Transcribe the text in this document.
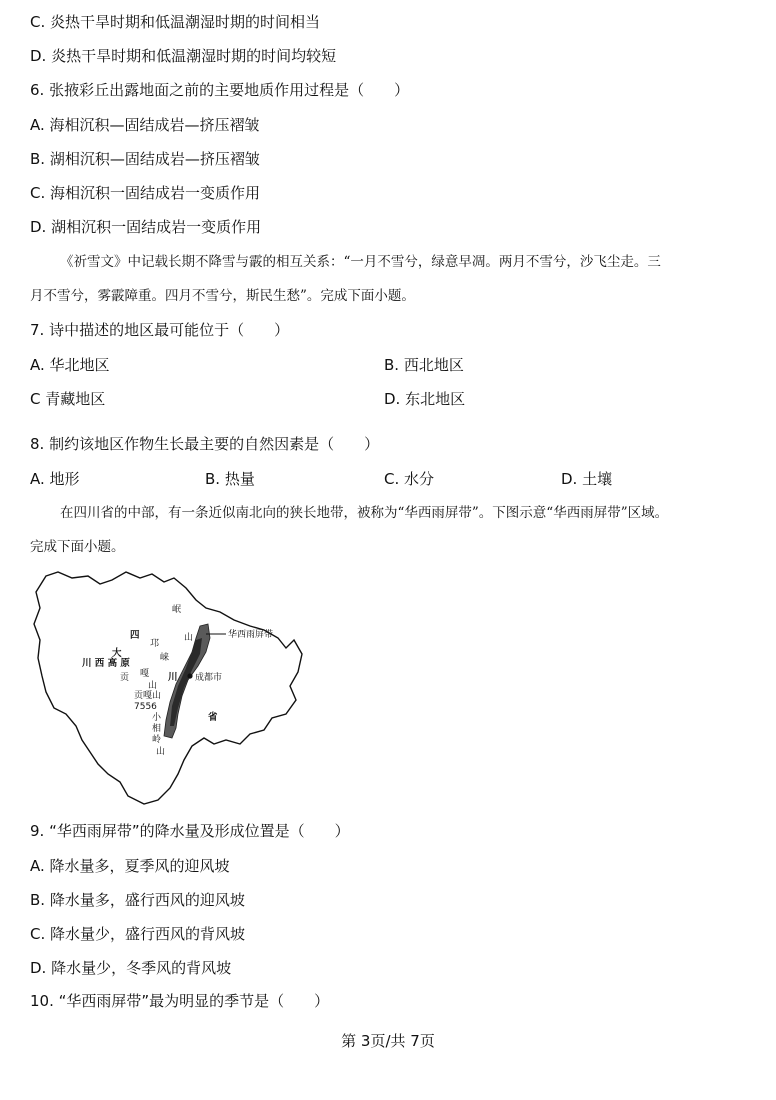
C. 炎热干旱时期和低温潮湿时期的时间相当
D. 炎热干旱时期和低温潮湿时期的时间均较短
6. 张掖彩丘出露地面之前的主要地质作用过程是（　　）
A. 海相沉积—固结成岩—挤压褶皱
B. 湖相沉积—固结成岩—挤压褶皱
C. 海相沉积一固结成岩一变质作用
D. 湖相沉积一固结成岩一变质作用
《祈雪文》中记载长期不降雪与霰的相互关系：“一月不雪兮，绿意早凋。两月不雪兮，沙飞尘走。三
月不雪兮，雾霰障重。四月不雪兮，斯民生愁”。完成下面小题。
7. 诗中描述的地区最可能位于（　　）
A. 华北地区	B. 西北地区
C 青藏地区	D. 东北地区
8. 制约该地区作物生长最主要的自然因素是（　　）
A. 地形	B. 热量	C. 水分	D. 土壤
在四川省的中部，有一条近似南北向的狭长地带，被称为“华西雨屏带”。下图示意“华西雨屏带”区域。
完成下面小题。
岷
山
四
邛
崃
大
川 西 高 原
贡 嘎
山
川 成都市
省
贡嘎山
7556
小
相
岭
山
华西雨屏带
9. “华西雨屏带”的降水量及形成位置是（　　）
A. 降水量多，夏季风的迎风坡
B. 降水量多，盛行西风的迎风坡
C. 降水量少，盛行西风的背风坡
D. 降水量少，冬季风的背风坡
10. “华西雨屏带”最为明显的季节是（　　）
第 3页/共 7页
